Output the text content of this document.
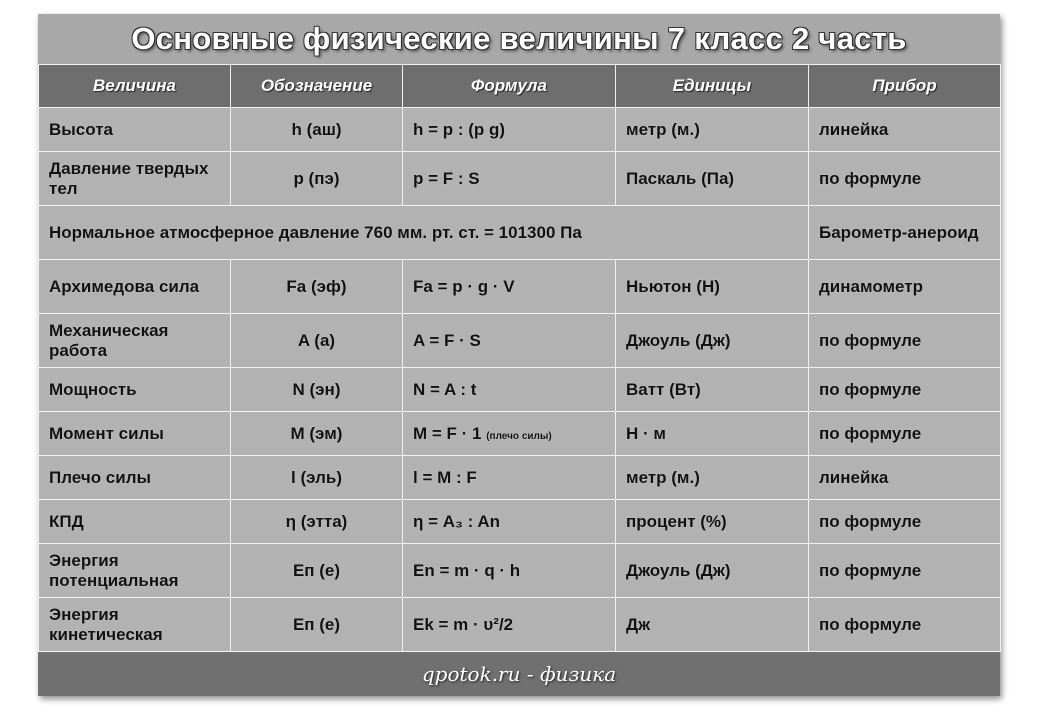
Основные физические величины 7 класс 2 часть
Величина	Обозначение	Формула	Единицы	Прибор
Высота	h (аш)	h = p : (p g)	метр (м.)	линейка
Давление твердых тел	p (пэ)	p = F : S	Паскаль (Па)	по формуле
Нормальное атмосферное давление 760 мм. рт. ст. = 101300 Па				Барометр-анероид
Архимедова сила	Fa (эф)	Fa = p · g · V	Ньютон (Н)	динамометр
Механическая работа	A (а)	A = F · S	Джоуль (Дж)	по формуле
Мощность	N (эн)	N = A : t	Ватт (Вт)	по формуле
Момент силы	M (эм)	M = F · 1 (плечо силы)	Н · м	по формуле
Плечо силы	l (эль)	l = M : F	метр (м.)	линейка
КПД	η (этта)	η = A₃ : An	процент (%)	по формуле
Энергия потенциальная	Eп (е)	En = m · q · h	Джоуль (Дж)	по формуле
Энергия кинетическая	Eп (е)	Ek = m · υ²/2	Дж	по формуле
qpotok.ru - физика
